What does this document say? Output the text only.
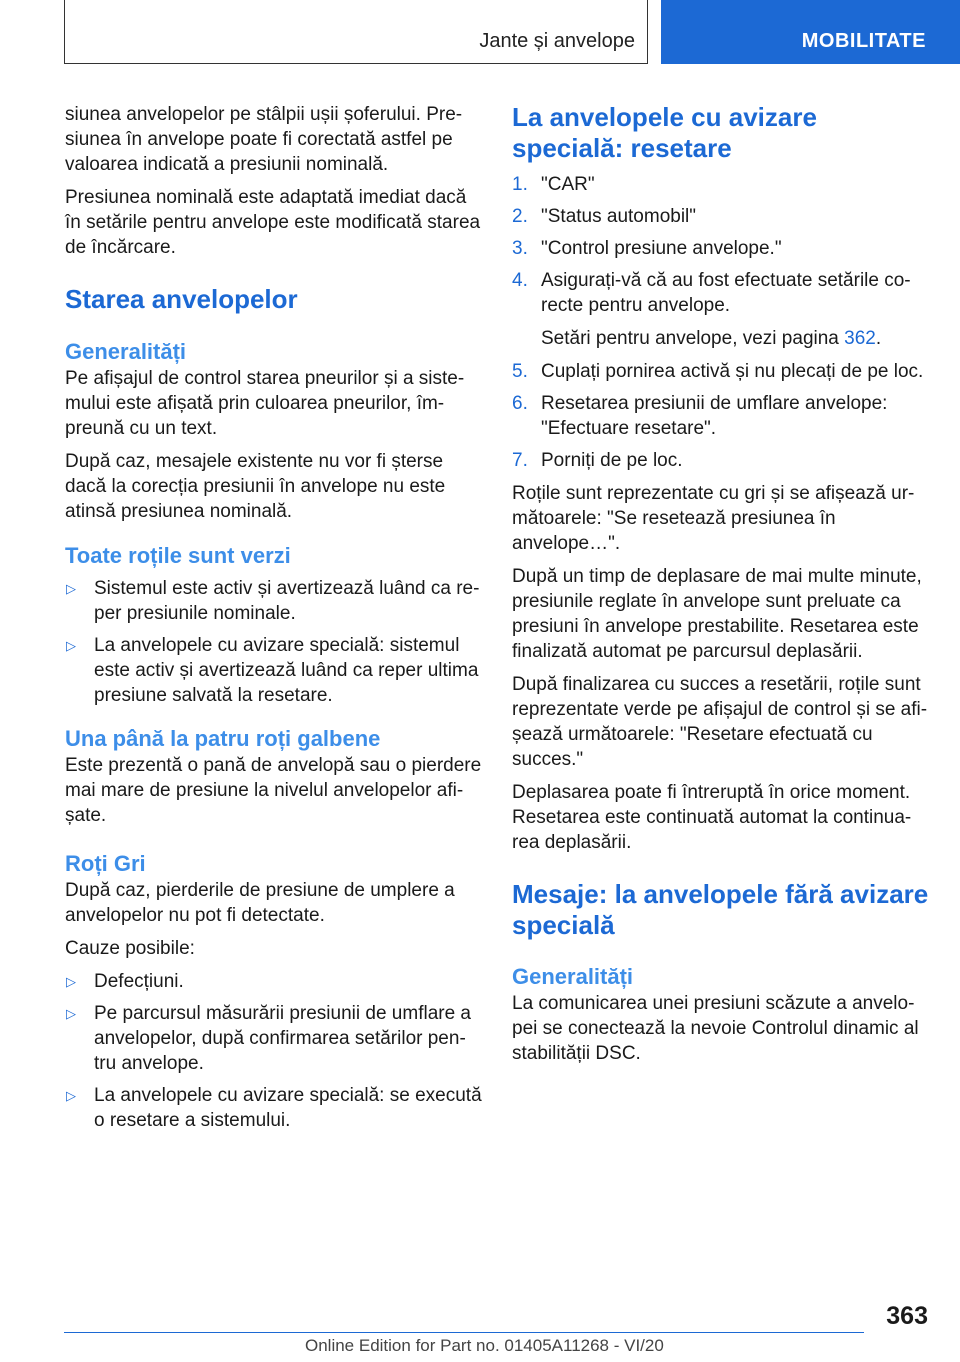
Jante și anvelope	MOBILITATE

siunea anvelopelor pe stâlpii ușii șoferului. Pre-siunea în anvelope poate fi corectată astfel pe valoarea indicată a presiunii nominală.

Presiunea nominală este adaptată imediat dacă în setările pentru anvelope este modificată starea de încărcare.

Starea anvelopelor
Generalități

Pe afișajul de control starea pneurilor și a siste-mului este afișată prin culoarea pneurilor, îm-preună cu un text.

După caz, mesajele existente nu vor fi șterse dacă la corecția presiunii în anvelope nu este atinsă presiunea nominală.

Toate roțile sunt verzi
▷ Sistemul este activ și avertizează luând ca re-per presiunile nominale.
▷ La anvelopele cu avizare specială: sistemul este activ și avertizează luând ca reper ultima presiune salvată la resetare.
Una până la patru roți galbene

Este prezentă o pană de anvelopă sau o pierdere mai mare de presiune la nivelul anvelopelor afi-șate.

Roți Gri

După caz, pierderile de presiune de umplere a anvelopelor nu pot fi detectate.

Cauze posibile:

▷ Defecțiuni.
▷ Pe parcursul măsurării presiunii de umflare a anvelopelor, după confirmarea setărilor pen-tru anvelope.
▷ La anvelopele cu avizare specială: se execută o resetare a sistemului.
La anvelopele cu avizare specială: resetare
1. "CAR"
2. "Status automobil"
3. "Control presiune anvelope."
4. Asigurați-vă că au fost efectuate setările co-recte pentru anvelope.

Setări pentru anvelope, vezi pagina 362.

5. Cuplați pornirea activă și nu plecați de pe loc.
6. Resetarea presiunii de umflare anvelope: "Efectuare resetare".
7. Porniți de pe loc.

Roțile sunt reprezentate cu gri și se afișează ur-mătoarele: "Se resetează presiunea în anvelope…".

După un timp de deplasare de mai multe minute, presiunile reglate în anvelope sunt preluate ca presiuni în anvelope prestabilite. Resetarea este finalizată automat pe parcursul deplasării.

După finalizarea cu succes a resetării, roțile sunt reprezentate verde pe afișajul de control și se afi-șează următoarele: "Resetare efectuată cu succes."

Deplasarea poate fi întreruptă în orice moment. Resetarea este continuată automat la continua-rea deplasării.

Mesaje: la anvelopele fără avizare specială
Generalități

La comunicarea unei presiuni scăzute a anvelo-pei se conectează la nevoie Controlul dinamic al stabilității DSC.

363
Online Edition for Part no. 01405A11268 - VI/20
